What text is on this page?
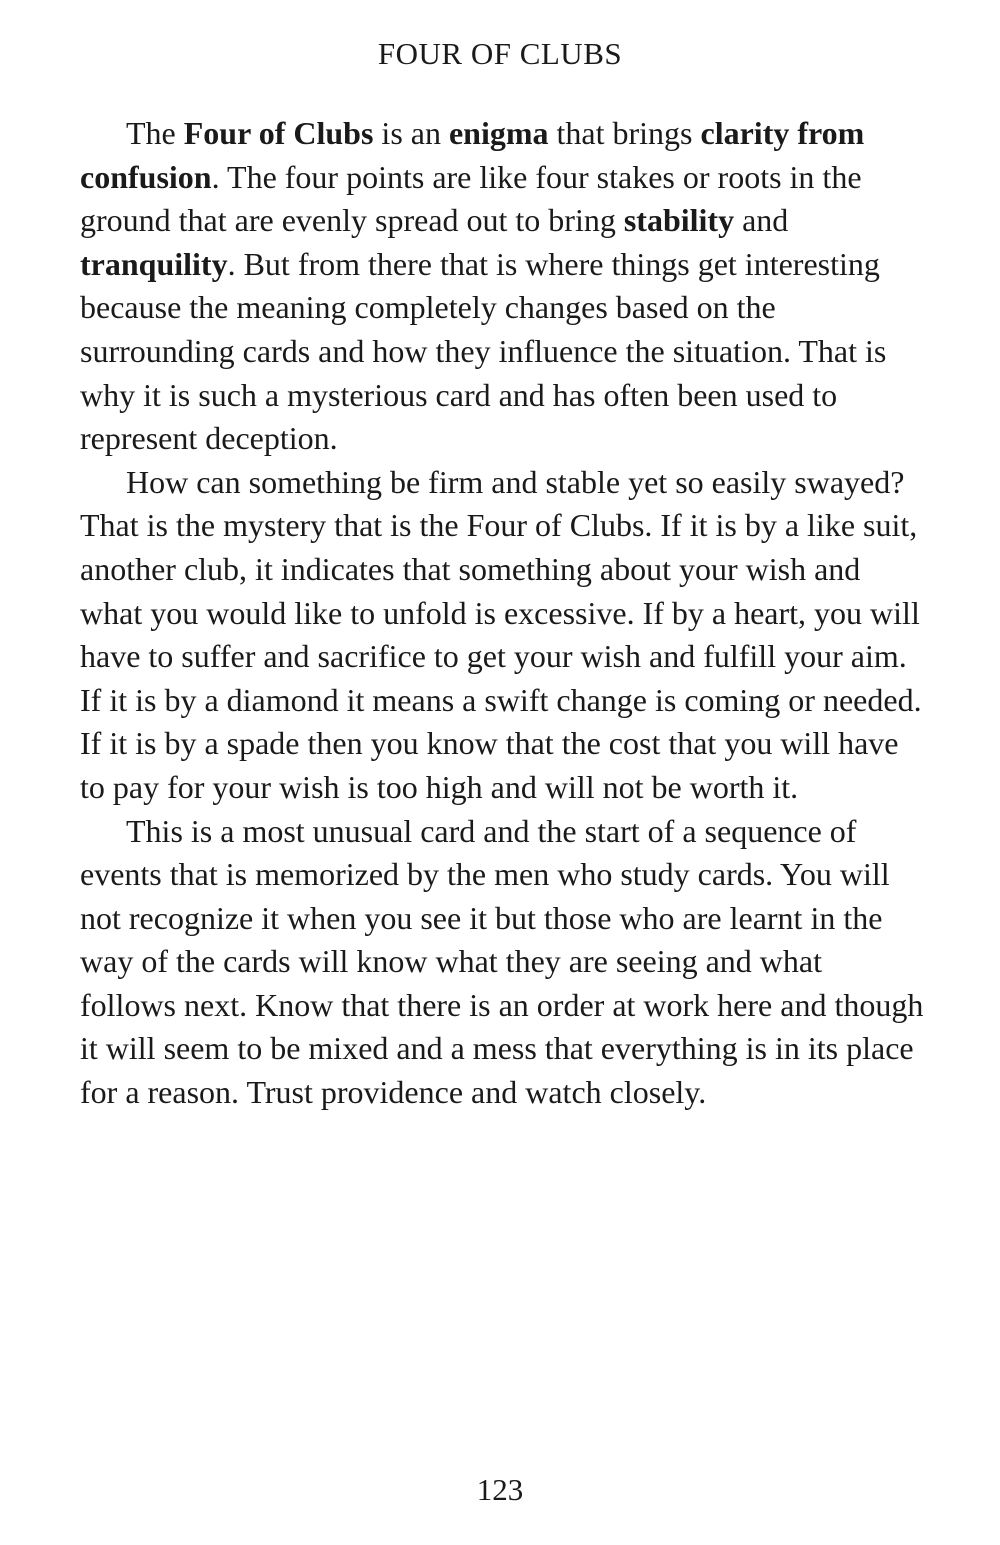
FOUR OF CLUBS

The Four of Clubs is an enigma that brings clarity from confusion. The four points are like four stakes or roots in the ground that are evenly spread out to bring stability and tranquility. But from there that is where things get interesting because the meaning completely changes based on the surrounding cards and how they influence the situation. That is why it is such a mysterious card and has often been used to represent deception.

How can something be firm and stable yet so easily swayed? That is the mystery that is the Four of Clubs. If it is by a like suit, another club, it indicates that something about your wish and what you would like to unfold is excessive. If by a heart, you will have to suffer and sacrifice to get your wish and fulfill your aim. If it is by a diamond it means a swift change is coming or needed. If it is by a spade then you know that the cost that you will have to pay for your wish is too high and will not be worth it.

This is a most unusual card and the start of a sequence of events that is memorized by the men who study cards. You will not recognize it when you see it but those who are learnt in the way of the cards will know what they are seeing and what follows next. Know that there is an order at work here and though it will seem to be mixed and a mess that everything is in its place for a reason. Trust providence and watch closely.

123
